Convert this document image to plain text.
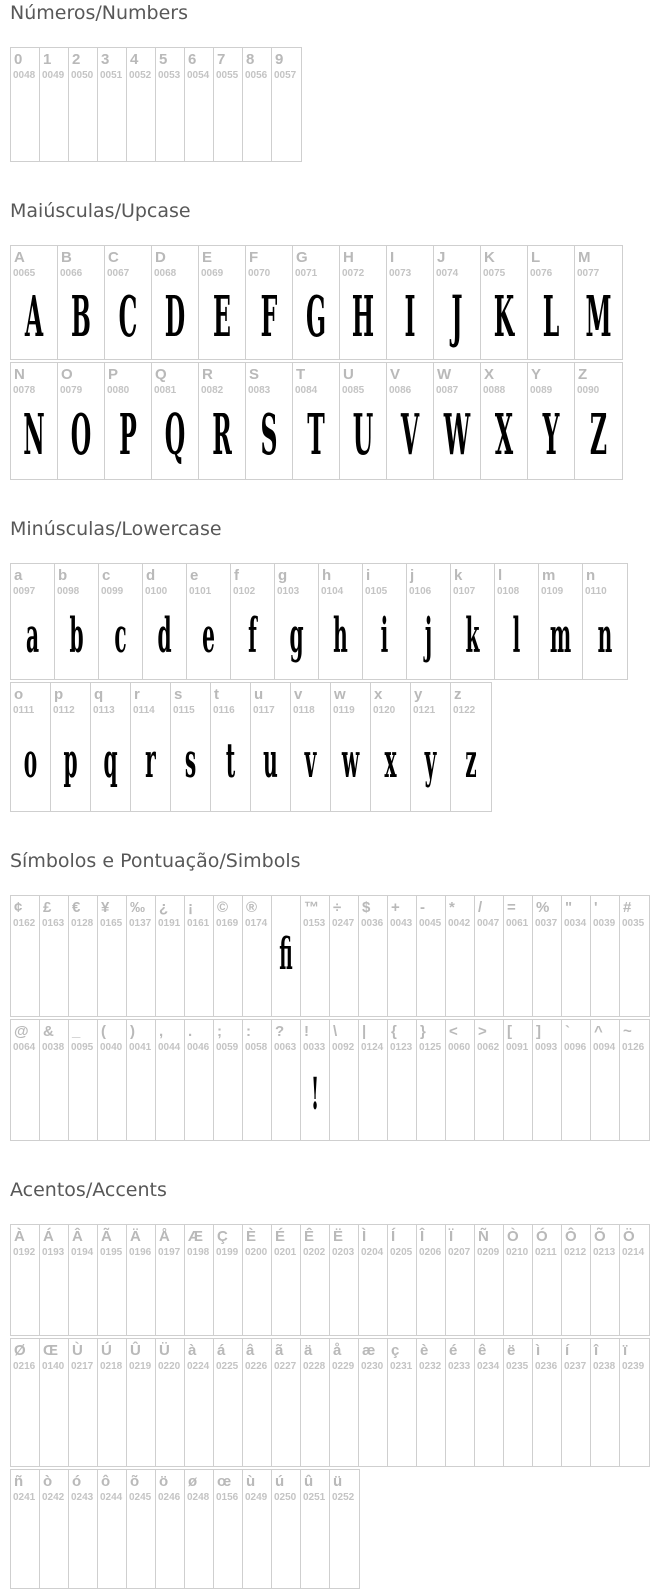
Números/Numbers
0
0048
1
0049
2
0050
3
0051
4
0052
5
0053
6
0054
7
0055
8
0056
9
0057
Maiúsculas/Upcase
A
0065
A
B
0066
B
C
0067
C
D
0068
D
E
0069
E
F
0070
F
G
0071
G
H
0072
H
I
0073
I
J
0074
J
K
0075
K
L
0076
L
M
0077
M
N
0078
N
O
0079
O
P
0080
P
Q
0081
Q
R
0082
R
S
0083
S
T
0084
T
U
0085
U
V
0086
V
W
0087
W
X
0088
X
Y
0089
Y
Z
0090
Z
Minúsculas/Lowercase
a
0097
a
b
0098
b
c
0099
c
d
0100
d
e
0101
e
f
0102
f
g
0103
g
h
0104
h
i
0105
i
j
0106
j
k
0107
k
l
0108
l
m
0109
m
n
0110
n
o
0111
o
p
0112
p
q
0113
q
r
0114
r
s
0115
s
t
0116
t
u
0117
u
v
0118
v
w
0119
w
x
0120
x
y
0121
y
z
0122
z
Símbolos e Pontuação/Simbols
¢
0162
£
0163
€
0128
¥
0165
‰
0137
¿
0191
¡
0161
©
0169
®
0174
fi
™
0153
÷
0247
$
0036
+
0043
-
0045
*
0042
/
0047
=
0061
%
0037
"
0034
'
0039
#
0035
@
0064
&
0038
_
0095
(
0040
)
0041
,
0044
.
0046
;
0059
:
0058
?
0063
!
0033
!
\
0092
|
0124
{
0123
}
0125
<
0060
>
0062
[
0091
]
0093
`
0096
^
0094
~
0126
Acentos/Accents
À
0192
Á
0193
Â
0194
Ã
0195
Ä
0196
Å
0197
Æ
0198
Ç
0199
È
0200
É
0201
Ê
0202
Ë
0203
Ì
0204
Í
0205
Î
0206
Ï
0207
Ñ
0209
Ò
0210
Ó
0211
Ô
0212
Õ
0213
Ö
0214
Ø
0216
Œ
0140
Ù
0217
Ú
0218
Û
0219
Ü
0220
à
0224
á
0225
â
0226
ã
0227
ä
0228
å
0229
æ
0230
ç
0231
è
0232
é
0233
ê
0234
ë
0235
ì
0236
í
0237
î
0238
ï
0239
ñ
0241
ò
0242
ó
0243
ô
0244
õ
0245
ö
0246
ø
0248
œ
0156
ù
0249
ú
0250
û
0251
ü
0252
